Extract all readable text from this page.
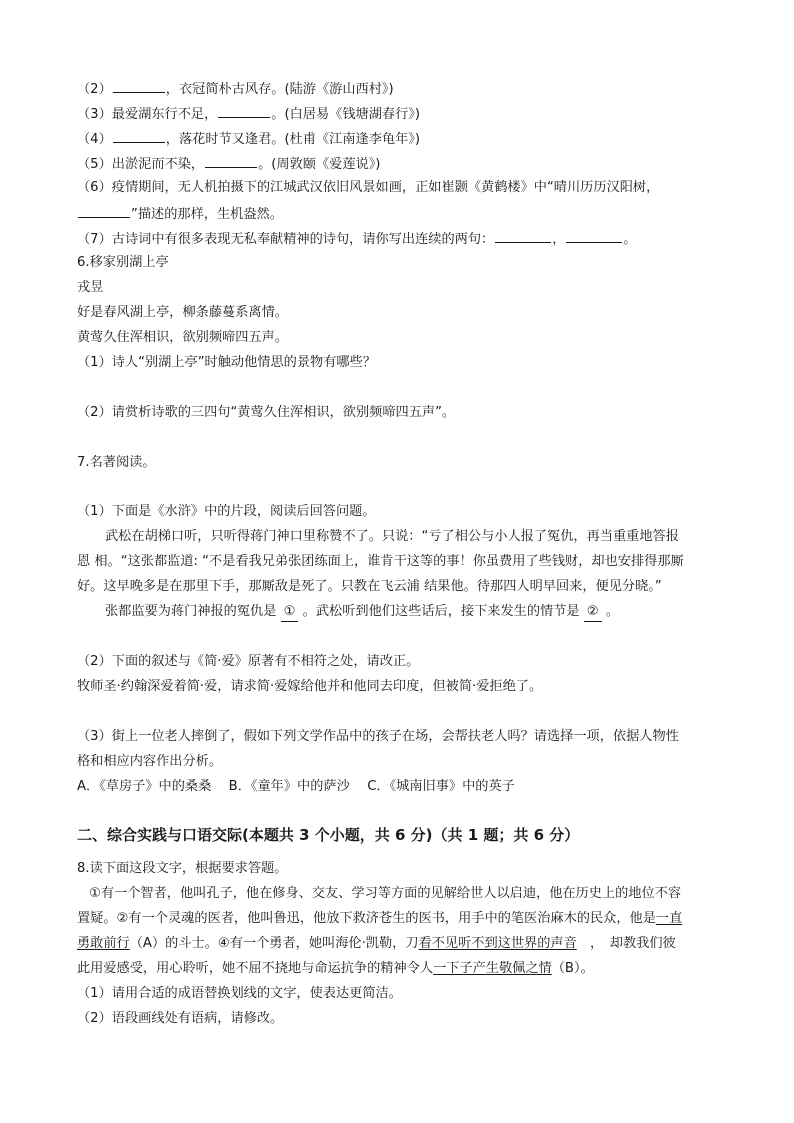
（2）	，衣冠简朴古风存。(陆游《游山西村》)
（3）最爱湖东行不足，	。(白居易《钱塘湖春行》)
（4）	，落花时节又逢君。(杜甫《江南逢李龟年》)
（5）出淤泥而不染，	。(周敦颐《爱莲说》)
（6）疫情期间，无人机拍摄下的江城武汉依旧风景如画，正如崔颢《黄鹤楼》中“晴川历历汉阳树，
”描述的那样，生机盎然。
（7）古诗词中有很多表现无私奉献精神的诗句，请你写出连续的两句：	，	。
6.移家别湖上亭
戎昱
好是春风湖上亭，柳条藤蔓系离情。
黄莺久住浑相识，欲别频啼四五声。
（1）诗人“别湖上亭”时触动他情思的景物有哪些？
（2）请赏析诗歌的三四句“黄莺久住浑相识，欲别频啼四五声”。
7.名著阅读。
（1）下面是《水浒》中的片段，阅读后回答问题。
武松在胡梯口听，只听得蒋门神口里称赞不了。只说：“亏了相公与小人报了冤仇，再当重重地答报
恩 相。“这张都监道: “不是看我兄弟张团练面上，谁肯干这等的事！你虽费用了些钱财，却也安排得那厮
好。这早晚多是在那里下手，那厮敌是死了。只教在飞云浦 结果他。待那四人明早回来，便见分晓。”
张都监要为蒋门神报的冤仇是 ① 。武松听到他们这些话后，接下来发生的情节是 ② 。
（2）下面的叙述与《简·爱》原著有不相符之处，请改正。
牧师圣·约翰深爱着简·爱，请求简·爱嫁给他并和他同去印度，但被简·爱拒绝了。
（3）街上一位老人摔倒了，假如下列文学作品中的孩子在场，会帮扶老人吗？请选择一项，依据人物性
格和相应内容作出分析。
A．《草房子》中的桑桑　 B．《童年》中的萨沙　 C．《城南旧事》中的英子
二、综合实践与口语交际(本题共 3 个小题，共 6 分)（共 1 题；共 6 分）
8.读下面这段文字，根据要求答题。
①有一个智者，他叫孔子，他在修身、交友、学习等方面的见解给世人以启迪，他在历史上的地位不容
置疑。②有一个灵魂的医者，他叫鲁迅，他放下救济苍生的医书，用手中的笔医治麻木的民众，他是一直
勇敢前行（A）的斗士。④有一个勇者，她叫海伦·凯勒，刀看不见听不到这世界的声音　，　却教我们彼
此用爱感受，用心聆听，她不屈不挠地与命运抗争的精神令人一下子产生敬佩之情（B）。
（1）请用合适的成语替换划线的文字，使表达更简洁。
（2）语段画线处有语病，请修改。
